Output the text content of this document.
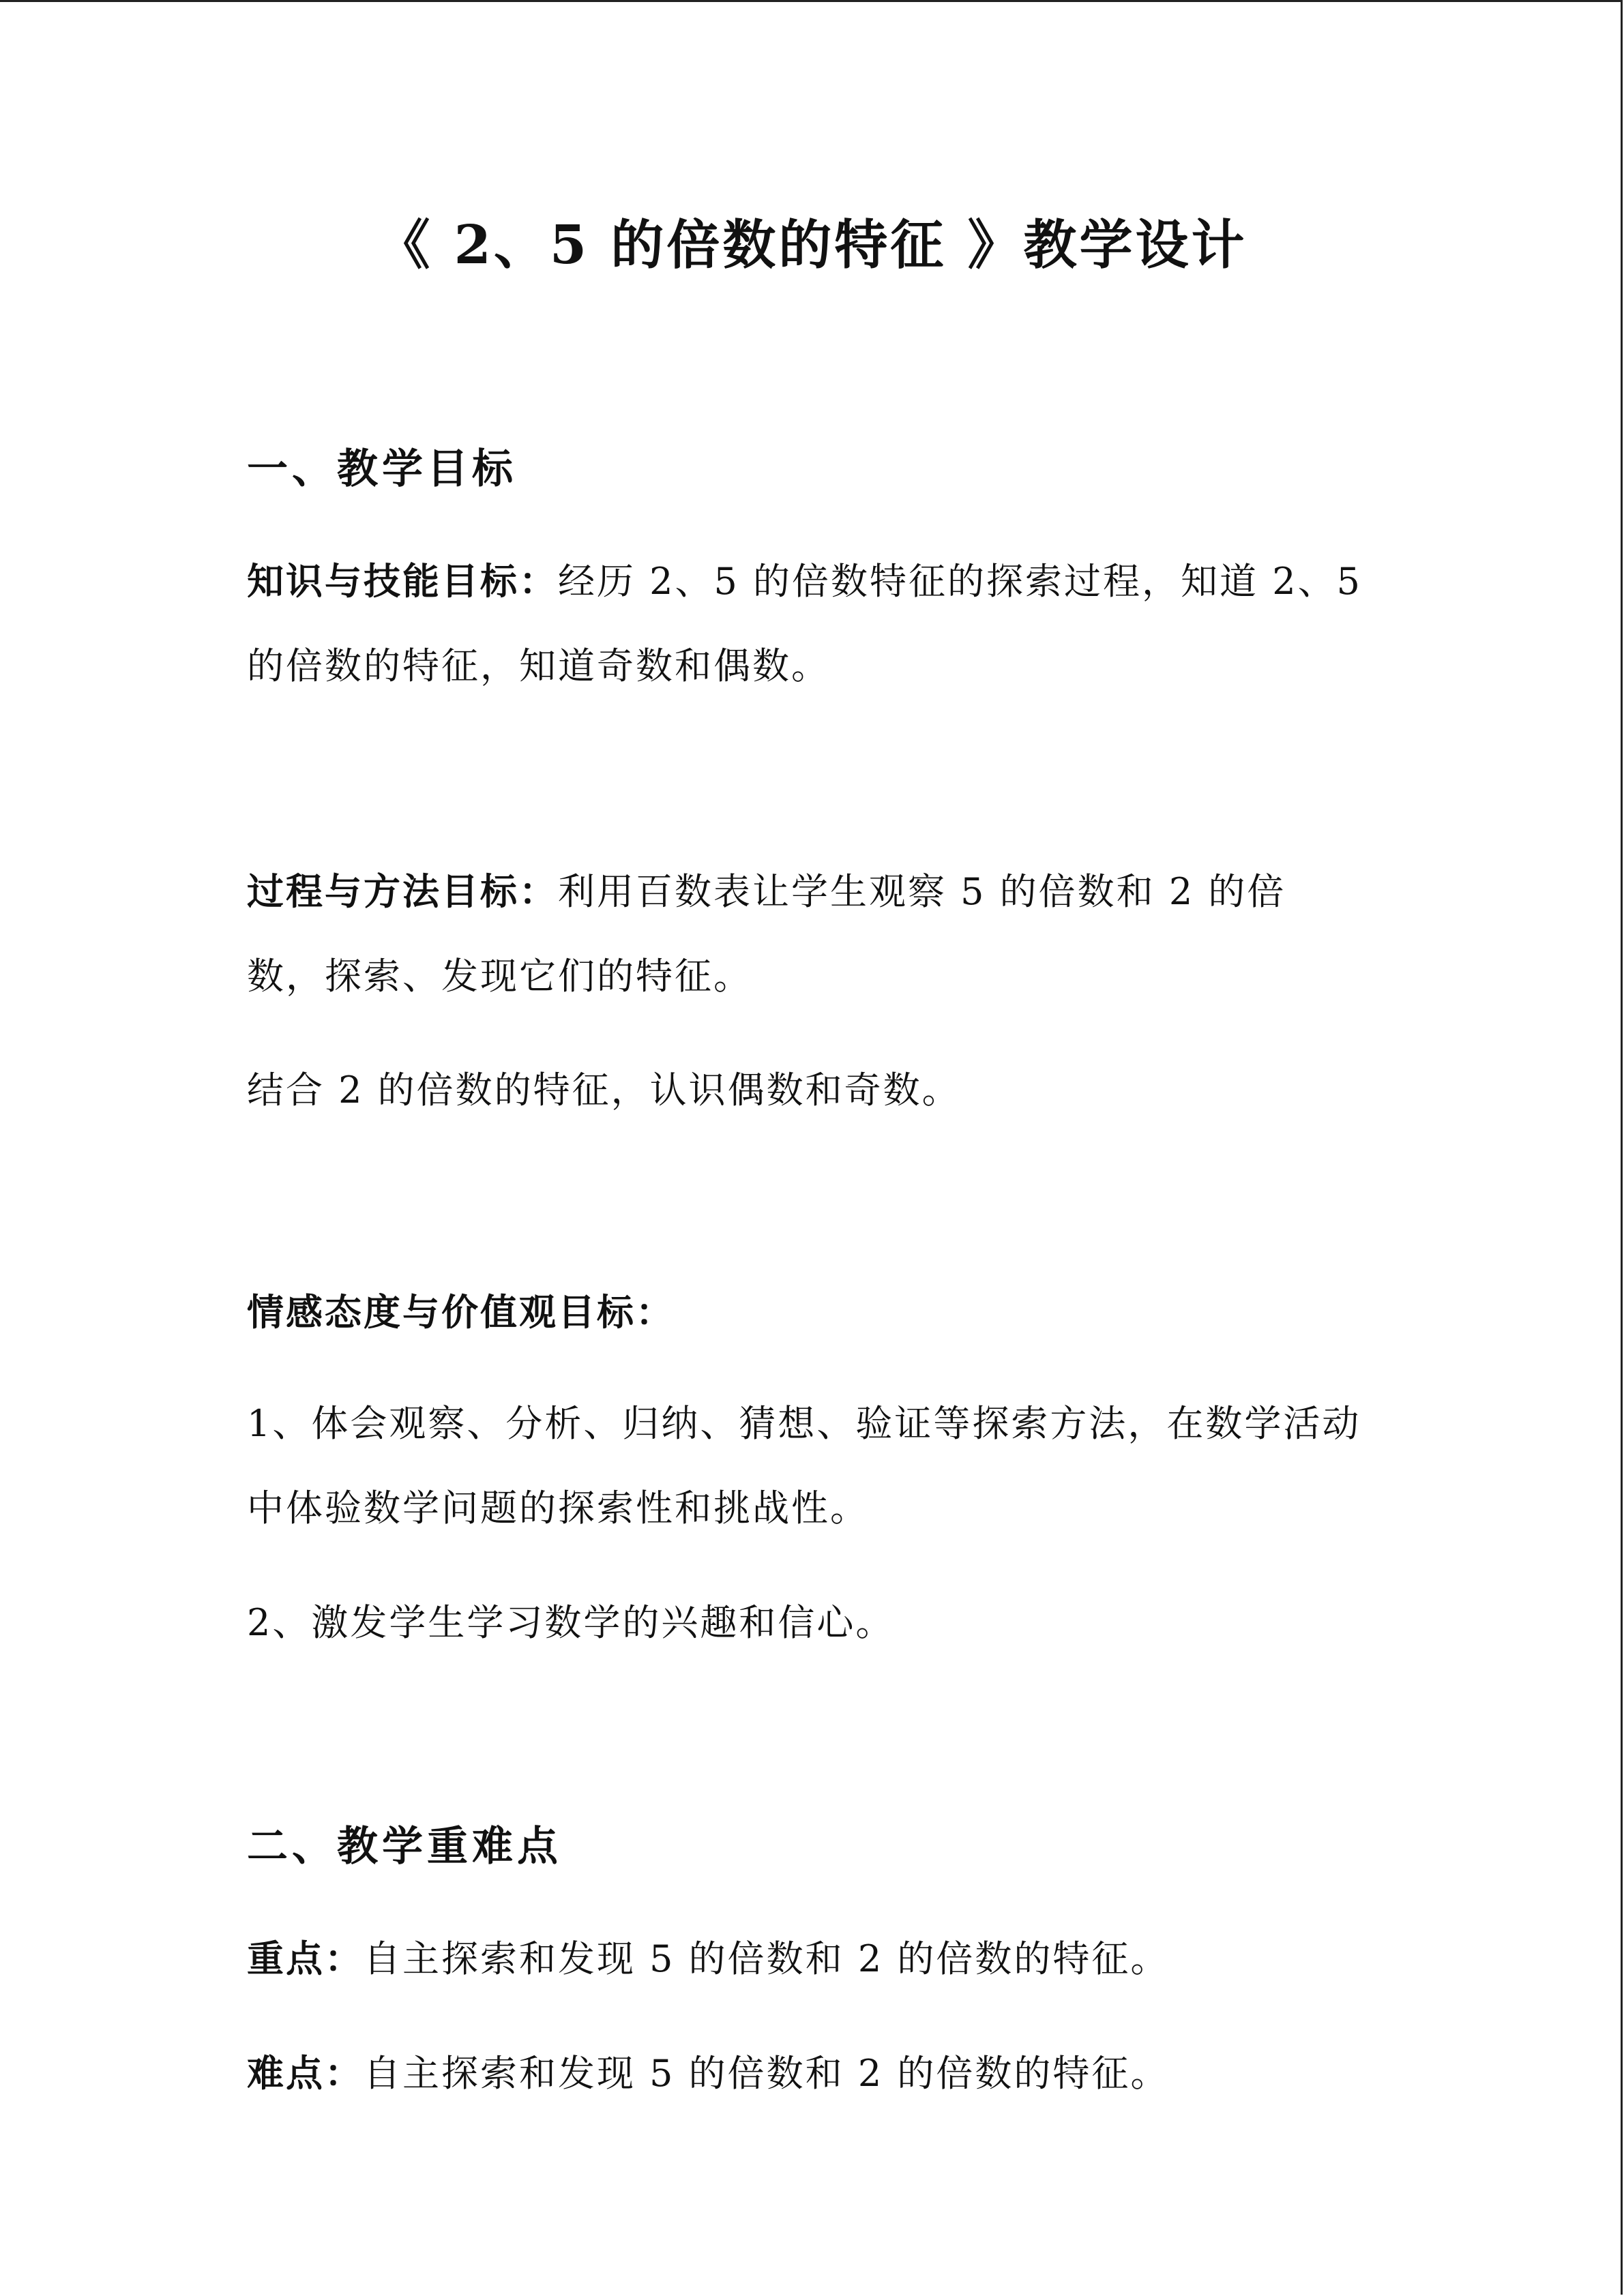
《 2、5 的倍数的特征 》教学设计
一、教学目标
知识与技能目标：经历 2、5 的倍数特征的探索过程，知道 2、5 的倍数的特征，知道奇数和偶数。
过程与方法目标：利用百数表让学生观察 5 的倍数和 2 的倍数，探索、发现它们的特征。
结合 2 的倍数的特征，认识偶数和奇数。
情感态度与价值观目标：
1、体会观察、分析、归纳、猜想、验证等探索方法，在数学活动中体验数学问题的探索性和挑战性。
2、激发学生学习数学的兴趣和信心。
二、教学重难点
重点：自主探索和发现 5 的倍数和 2 的倍数的特征。
难点：自主探索和发现 5 的倍数和 2 的倍数的特征。
